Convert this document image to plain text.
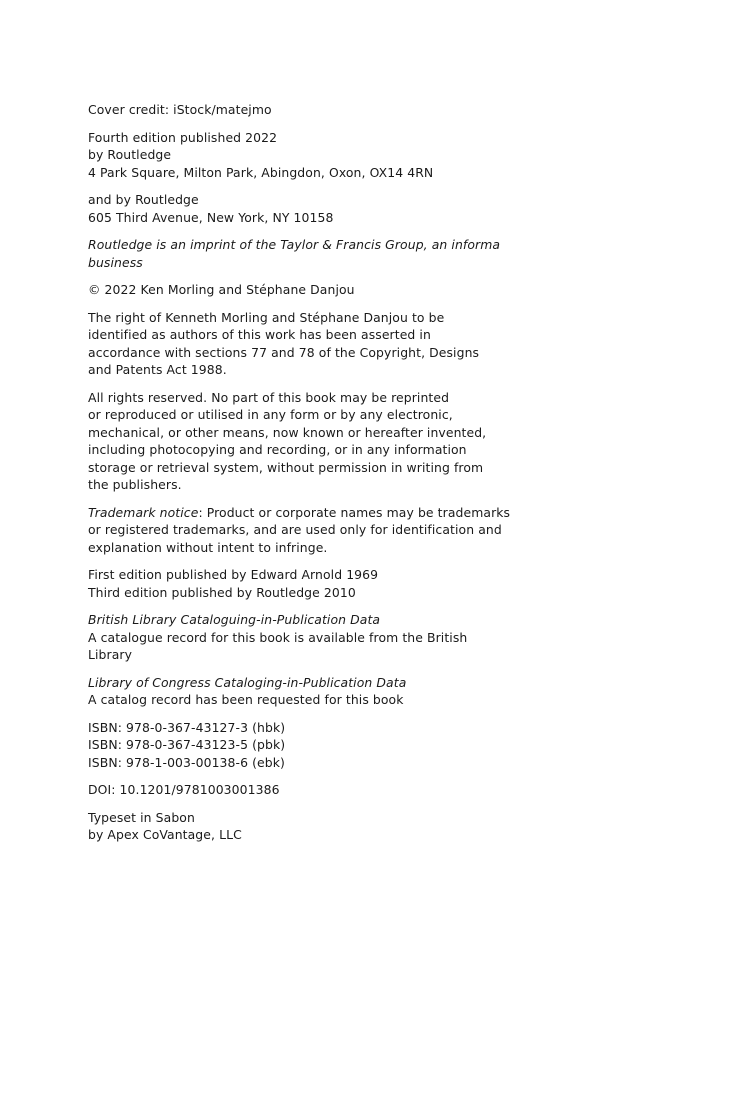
Cover credit: iStock/matejmo

Fourth edition published 2022
by Routledge
4 Park Square, Milton Park, Abingdon, Oxon, OX14 4RN

and by Routledge
605 Third Avenue, New York, NY 10158

Routledge is an imprint of the Taylor & Francis Group, an informa
business

© 2022 Ken Morling and Stéphane Danjou

The right of Kenneth Morling and Stéphane Danjou to be
identified as authors of this work has been asserted in
accordance with sections 77 and 78 of the Copyright, Designs
and Patents Act 1988.

All rights reserved. No part of this book may be reprinted
or reproduced or utilised in any form or by any electronic,
mechanical, or other means, now known or hereafter invented,
including photocopying and recording, or in any information
storage or retrieval system, without permission in writing from
the publishers.

Trademark notice: Product or corporate names may be trademarks
or registered trademarks, and are used only for identification and
explanation without intent to infringe.

First edition published by Edward Arnold 1969
Third edition published by Routledge 2010

British Library Cataloguing-in-Publication Data
A catalogue record for this book is available from the British
Library

Library of Congress Cataloging-in-Publication Data
A catalog record has been requested for this book

ISBN: 978-0-367-43127-3 (hbk)
ISBN: 978-0-367-43123-5 (pbk)
ISBN: 978-1-003-00138-6 (ebk)

DOI: 10.1201/9781003001386

Typeset in Sabon
by Apex CoVantage, LLC
